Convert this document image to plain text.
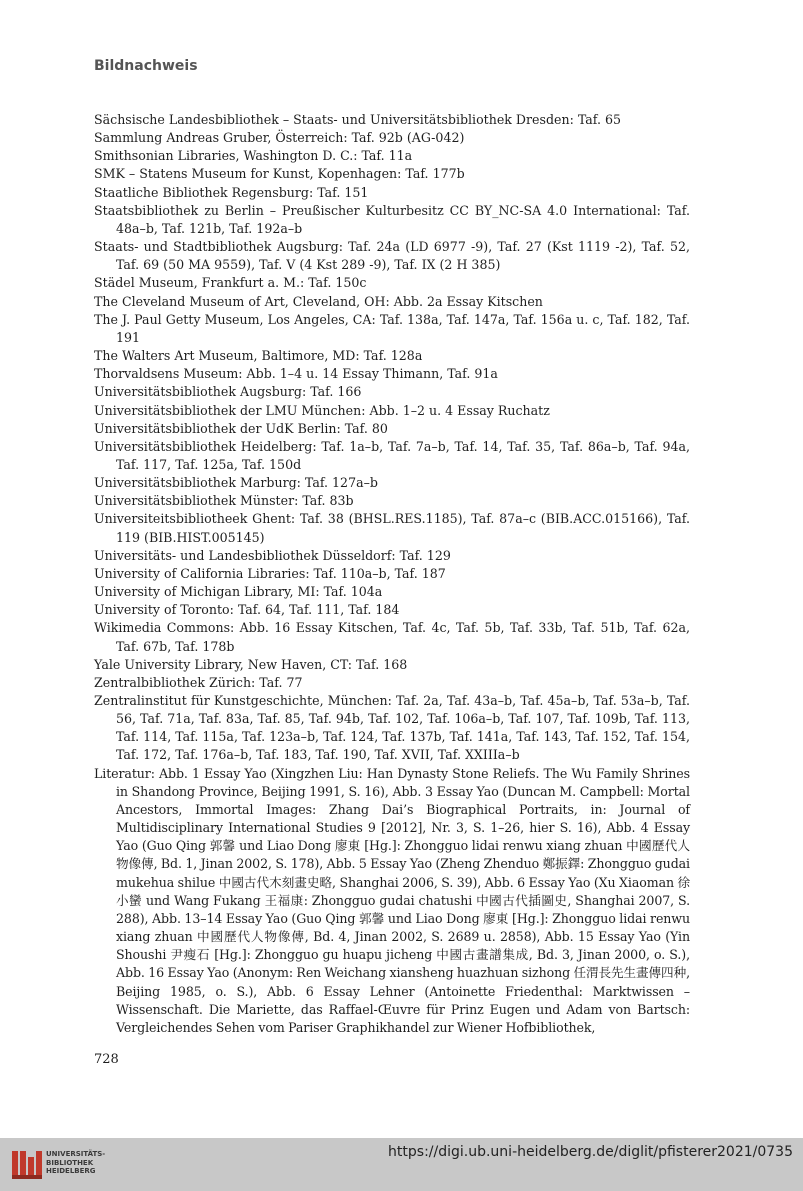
Bildnachweis
Sächsische Landesbibliothek – Staats- und Universitätsbibliothek Dresden: Taf. 65
Sammlung Andreas Gruber, Österreich: Taf. 92b (AG-042)
Smithsonian Libraries, Washington D. C.: Taf. 11a
SMK – Statens Museum for Kunst, Kopenhagen: Taf. 177b
Staatliche Bibliothek Regensburg: Taf. 151
Staatsbibliothek zu Berlin – Preußischer Kulturbesitz CC BY_NC-SA 4.0 International: Taf. 48a–b, Taf. 121b, Taf. 192a–b
Staats- und Stadtbibliothek Augsburg: Taf. 24a (LD 6977 -9), Taf. 27 (Kst 1119 -2), Taf. 52, Taf. 69 (50 MA 9559), Taf. V (4 Kst 289 -9), Taf. IX (2 H 385)
Städel Museum, Frankfurt a. M.: Taf. 150c
The Cleveland Museum of Art, Cleveland, OH: Abb. 2a Essay Kitschen
The J. Paul Getty Museum, Los Angeles, CA: Taf. 138a, Taf. 147a, Taf. 156a u. c, Taf. 182, Taf. 191
The Walters Art Museum, Baltimore, MD: Taf. 128a
Thorvaldsens Museum: Abb. 1–4 u. 14 Essay Thimann, Taf. 91a
Universitätsbibliothek Augsburg: Taf. 166
Universitätsbibliothek der LMU München: Abb. 1–2 u. 4 Essay Ruchatz
Universitätsbibliothek der UdK Berlin: Taf. 80
Universitätsbibliothek Heidelberg: Taf. 1a–b, Taf. 7a–b, Taf. 14, Taf. 35, Taf. 86a–b, Taf. 94a, Taf. 117, Taf. 125a, Taf. 150d
Universitätsbibliothek Marburg: Taf. 127a–b
Universitätsbibliothek Münster: Taf. 83b
Universiteitsbibliotheek Ghent: Taf. 38 (BHSL.RES.1185), Taf. 87a–c (BIB.ACC.015166), Taf. 119 (BIB.HIST.005145)
Universitäts- und Landesbibliothek Düsseldorf: Taf. 129
University of California Libraries: Taf. 110a–b, Taf. 187
University of Michigan Library, MI: Taf. 104a
University of Toronto: Taf. 64, Taf. 111, Taf. 184
Wikimedia Commons: Abb. 16 Essay Kitschen, Taf. 4c, Taf. 5b, Taf. 33b, Taf. 51b, Taf. 62a, Taf. 67b, Taf. 178b
Yale University Library, New Haven, CT: Taf. 168
Zentralbibliothek Zürich: Taf. 77
Zentralinstitut für Kunstgeschichte, München: Taf. 2a, Taf. 43a–b, Taf. 45a–b, Taf. 53a–b, Taf. 56, Taf. 71a, Taf. 83a, Taf. 85, Taf. 94b, Taf. 102, Taf. 106a–b, Taf. 107, Taf. 109b, Taf. 113, Taf. 114, Taf. 115a, Taf. 123a–b, Taf. 124, Taf. 137b, Taf. 141a, Taf. 143, Taf. 152, Taf. 154, Taf. 172, Taf. 176a–b, Taf. 183, Taf. 190, Taf. XVII, Taf. XXIIIa–b
Literatur: Abb. 1 Essay Yao (Xingzhen Liu: Han Dynasty Stone Reliefs. The Wu Family Shrines in Shandong Province, Beijing 1991, S. 16), Abb. 3 Essay Yao (Duncan M. Campbell: Mortal Ancestors, Immortal Images: Zhang Dai’s Biographical Portraits, in: Journal of Multidisciplinary International Studies 9 [2012], Nr. 3, S. 1–26, hier S. 16), Abb. 4 Essay Yao (Guo Qing 郭馨 und Liao Dong 廖東 [Hg.]: Zhongguo lidai renwu xiang zhuan 中國歷代人物像傳, Bd. 1, Jinan 2002, S. 178), Abb. 5 Essay Yao (Zheng Zhenduo 鄭振鐸: Zhongguo gudai mukehua shilue 中國古代木刻畫史略, Shanghai 2006, S. 39), Abb. 6 Essay Yao (Xu Xiaoman 徐小蠻 und Wang Fukang 王福康: Zhongguo gudai chatushi 中國古代插圖史, Shanghai 2007, S. 288), Abb. 13–14 Essay Yao (Guo Qing 郭馨 und Liao Dong 廖東 [Hg.]: Zhongguo lidai renwu xiang zhuan 中國歷代人物像傳, Bd. 4, Jinan 2002, S. 2689 u. 2858), Abb. 15 Essay Yao (Yin Shoushi 尹瘦石 [Hg.]: Zhongguo gu huapu jicheng 中國古畫譜集成, Bd. 3, Jinan 2000, o. S.), Abb. 16 Essay Yao (Anonym: Ren Weichang xiansheng huazhuan sizhong 任渭長先生畫傳四种, Beijing 1985, o. S.), Abb. 6 Essay Lehner (Antoinette Friedenthal: Marktwissen – Wissenschaft. Die Mariette, das Raffael-Œuvre für Prinz Eugen und Adam von Bartsch: Vergleichendes Sehen vom Pariser Graphikhandel zur Wiener Hofbibliothek,
728
UNIVERSITÄTS-
BIBLIOTHEK
HEIDELBERG
https://digi.ub.uni-heidelberg.de/diglit/pfisterer2021/0735
